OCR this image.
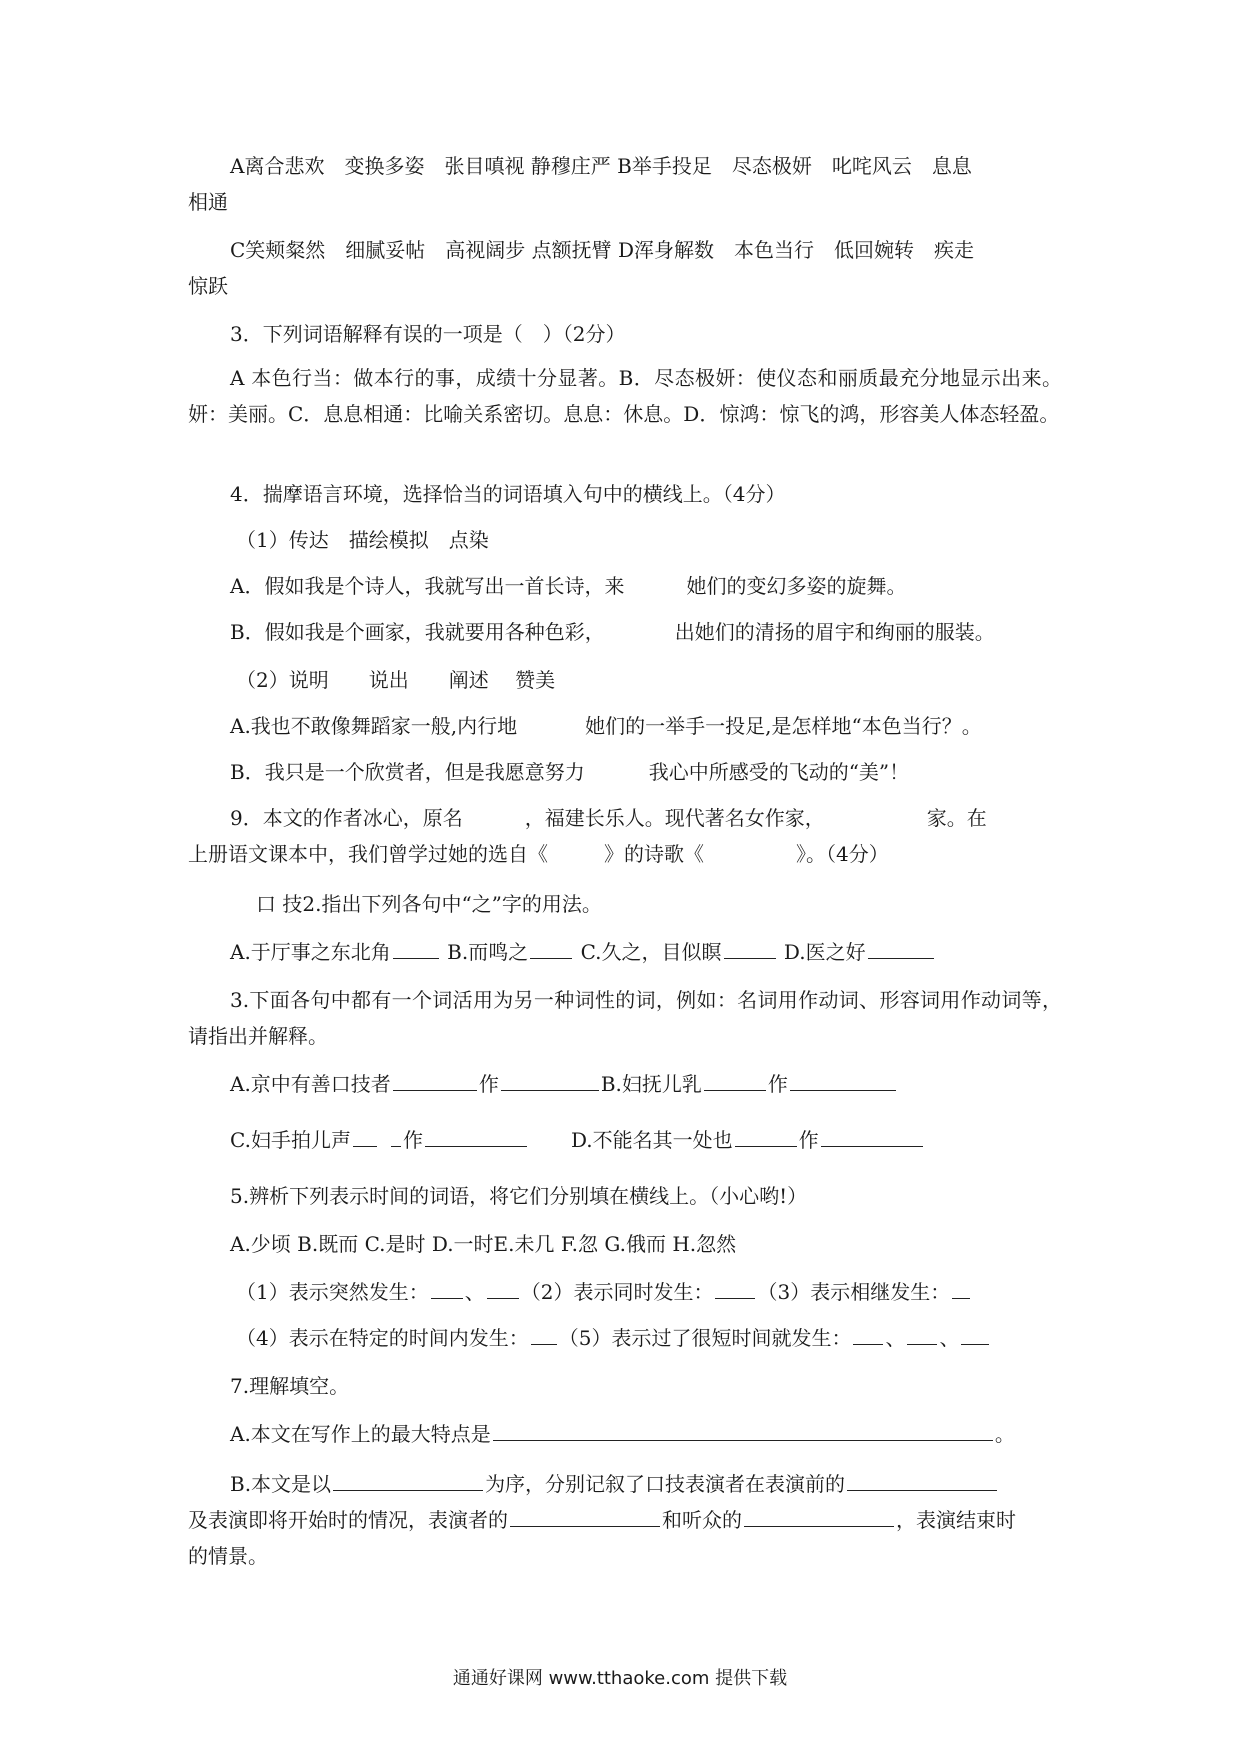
A离合悲欢　变换多姿　张目嗔视 静穆庄严 B举手投足　尽态极妍　叱咤风云　息息
相通
C笑颊粲然　细腻妥帖　高视阔步 点额抚臂 D浑身解数　本色当行　低回婉转　疾走
惊跃
3．下列词语解释有误的一项是（　）（2分）
A 本色行当：做本行的事，成绩十分显著。B．尽态极妍：使仪态和丽质最充分地显示出来。妍：美丽。C．息息相通：比喻关系密切。息息：休息。D．惊鸿：惊飞的鸿，形容美人体态轻盈。
4．揣摩语言环境，选择恰当的词语填入句中的横线上。（4分）
（1）传达　描绘模拟　点染
A．假如我是个诗人，我就写出一首长诗，来	她们的变幻多姿的旋舞。
B．假如我是个画家，我就要用各种色彩，	出她们的清扬的眉宇和绚丽的服装。
（2）说明　　说出　　阐述　 赞美
A.我也不敢像舞蹈家一般,内行地	她们的一举手一投足,是怎样地“本色当行？。
B．我只是一个欣赏者，但是我愿意努力	我心中所感受的飞动的“美”！
9．本文的作者冰心，原名	，福建长乐人。现代著名女作家，	家。在
上册语文课本中，我们曾学过她的选自《	》的诗歌《	》。（4分）
口 技2.指出下列各句中“之”字的用法。
A.于厅事之东北角	B.而鸣之	C.久之，目似瞑	D.医之好
3.下面各句中都有一个词活用为另一种词性的词，例如：名词用作动词、形容词用作动词等，请指出并解释。
A.京中有善口技者	作	B.妇抚儿乳	作
C.妇手拍儿声	作	D.不能名其一处也	作
5.辨析下列表示时间的词语，将它们分别填在横线上。（小心哟!）
A.少顷 B.既而 C.是时 D.一时E.未几 F.忽 G.俄而 H.忽然
（1）表示突然发生： 、 （2）表示同时发生： （3）表示相继发生：
（4）表示在特定的时间内发生： （5）表示过了很短时间就发生： 、 、
7.理解填空。
A.本文在写作上的最大特点是	。
B.本文是以	为序，分别记叙了口技表演者在表演前的
及表演即将开始时的情况，表演者的	和听众的	，表演结束时
的情景。
通通好课网 www.tthaoke.com 提供下载
